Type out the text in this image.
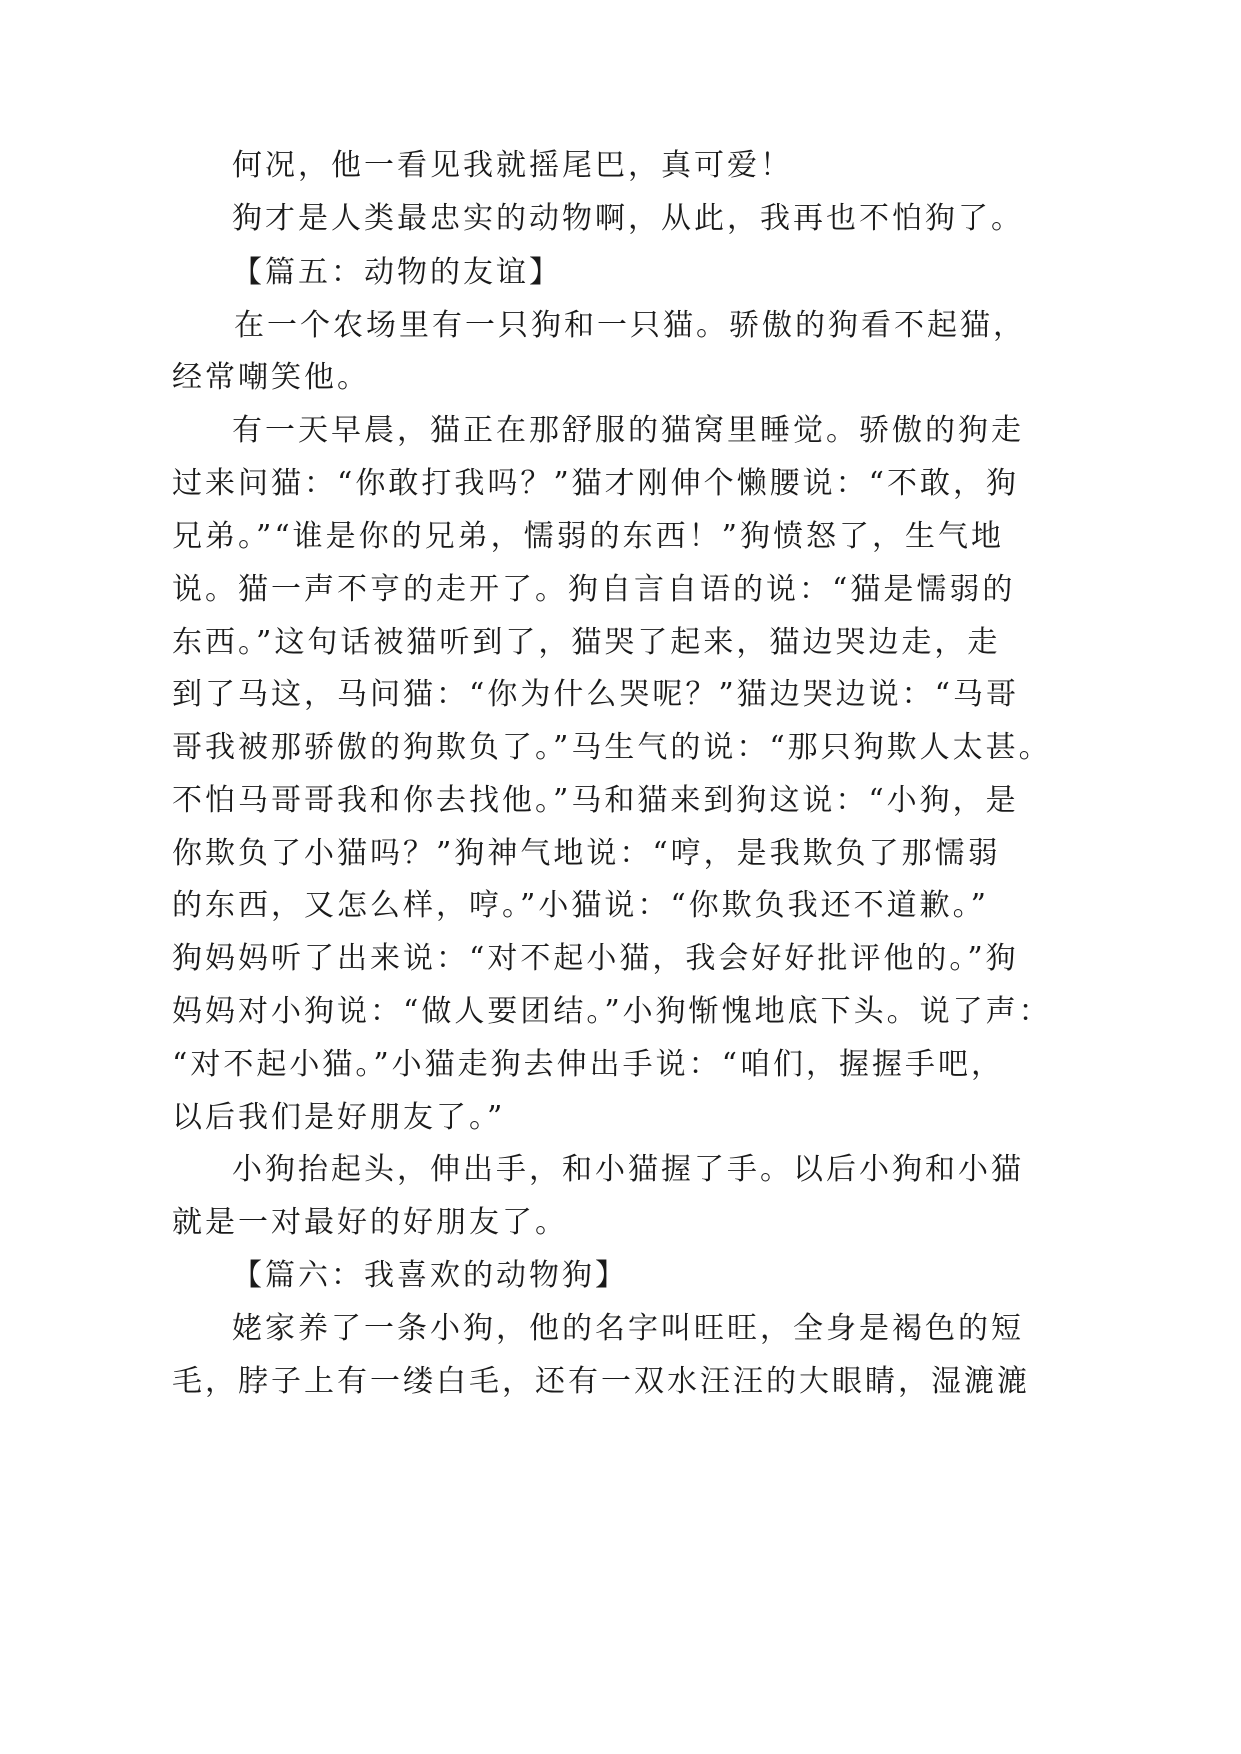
何况，他一看见我就摇尾巴，真可爱！

狗才是人类最忠实的动物啊，从此，我再也不怕狗了。

【篇五：动物的友谊】

在一个农场里有一只狗和一只猫。骄傲的狗看不起猫，

经常嘲笑他。

有一天早晨，猫正在那舒服的猫窝里睡觉。骄傲的狗走

过来问猫：“你敢打我吗？”猫才刚伸个懒腰说：“不敢，狗

兄弟。”“谁是你的兄弟，懦弱的东西！”狗愤怒了，生气地

说。猫一声不亨的走开了。狗自言自语的说：“猫是懦弱的

东西。”这句话被猫听到了，猫哭了起来，猫边哭边走，走

到了马这，马问猫：“你为什么哭呢？”猫边哭边说：“马哥

哥我被那骄傲的狗欺负了。”马生气的说：“那只狗欺人太甚。

不怕马哥哥我和你去找他。”马和猫来到狗这说：“小狗，是

你欺负了小猫吗？”狗神气地说：“哼，是我欺负了那懦弱

的东西，又怎么样，哼。”小猫说：“你欺负我还不道歉。”

狗妈妈听了出来说：“对不起小猫，我会好好批评他的。”狗

妈妈对小狗说：“做人要团结。”小狗惭愧地底下头。说了声：

“对不起小猫。”小猫走狗去伸出手说：“咱们，握握手吧，

以后我们是好朋友了。”

小狗抬起头，伸出手，和小猫握了手。以后小狗和小猫

就是一对最好的好朋友了。

【篇六：我喜欢的动物狗】

姥家养了一条小狗，他的名字叫旺旺，全身是褐色的短

毛，脖子上有一缕白毛，还有一双水汪汪的大眼睛，湿漉漉
